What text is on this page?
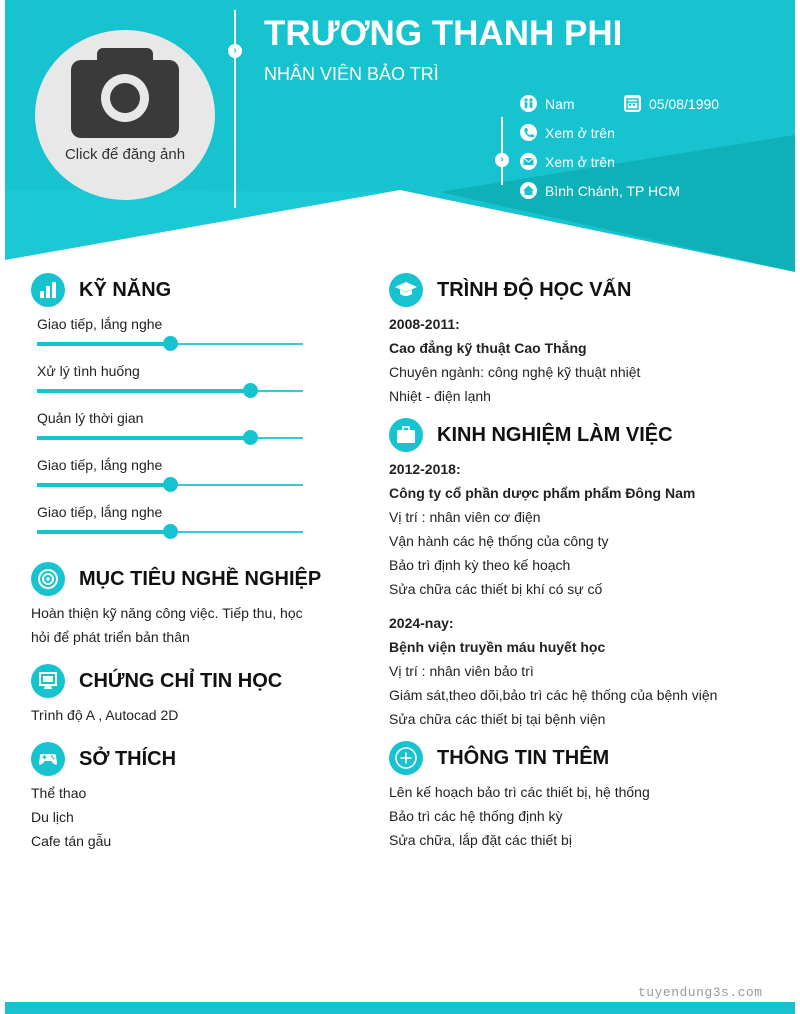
Click để đăng ảnh
›
›
TRƯƠNG THANH PHI
NHÂN VIÊN BẢO TRÌ
Nam	05/08/1990
Xem ở trên
Xem ở trên
Bình Chánh, TP HCM
KỸ NĂNG
Giao tiếp, lắng nghe
Xử lý tình huống
Quản lý thời gian
Giao tiếp, lắng nghe
Giao tiếp, lắng nghe
MỤC TIÊU NGHỀ NGHIỆP
Hoàn thiện kỹ năng công việc. Tiếp thu, học
hỏi để phát triển bản thân
CHỨNG CHỈ TIN HỌC
Trình độ A , Autocad 2D
SỞ THÍCH
Thể thao
Du lịch
Cafe tán gẫu
TRÌNH ĐỘ HỌC VẤN
2008-2011:
Cao đẳng kỹ thuật Cao Thắng
Chuyên ngành: công nghệ kỹ thuật nhiệt
Nhiệt - điện lạnh
KINH NGHIỆM LÀM VIỆC
2012-2018:
Công ty cổ phần dược phẩm phẩm Đông Nam
Vị trí : nhân viên cơ điện
Vận hành các hệ thống của công ty
Bảo trì định kỳ theo kế hoạch
Sửa chữa các thiết bị khí có sự cố
2024-nay:
Bệnh viện truyền máu huyết học
Vị trí : nhân viên bảo trì
Giám sát,theo dõi,bảo trì các hệ thống của bệnh viện
Sửa chữa các thiết bị tại bệnh viện
THÔNG TIN THÊM
Lên kế hoạch bảo trì các thiết bị, hệ thống
Bảo trì các hệ thống định kỳ
Sửa chữa, lắp đặt các thiết bị
tuyendung3s.com
